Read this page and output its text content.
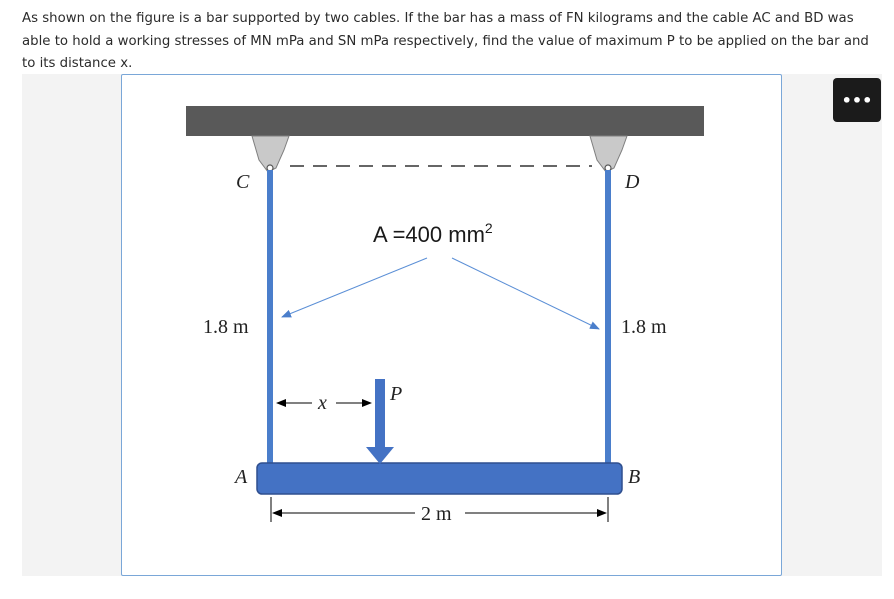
As shown on the figure is a bar supported by two cables. If the bar has a mass of FN kilograms and the cable AC and BD was able to hold a working stresses of MN mPa and SN mPa respectively, find the value of maximum P to be applied on the bar and to its distance x.

•••
A =400 $mm^2$
C	D
A	B
1.8 m	1.8 m
x	P
2 m
